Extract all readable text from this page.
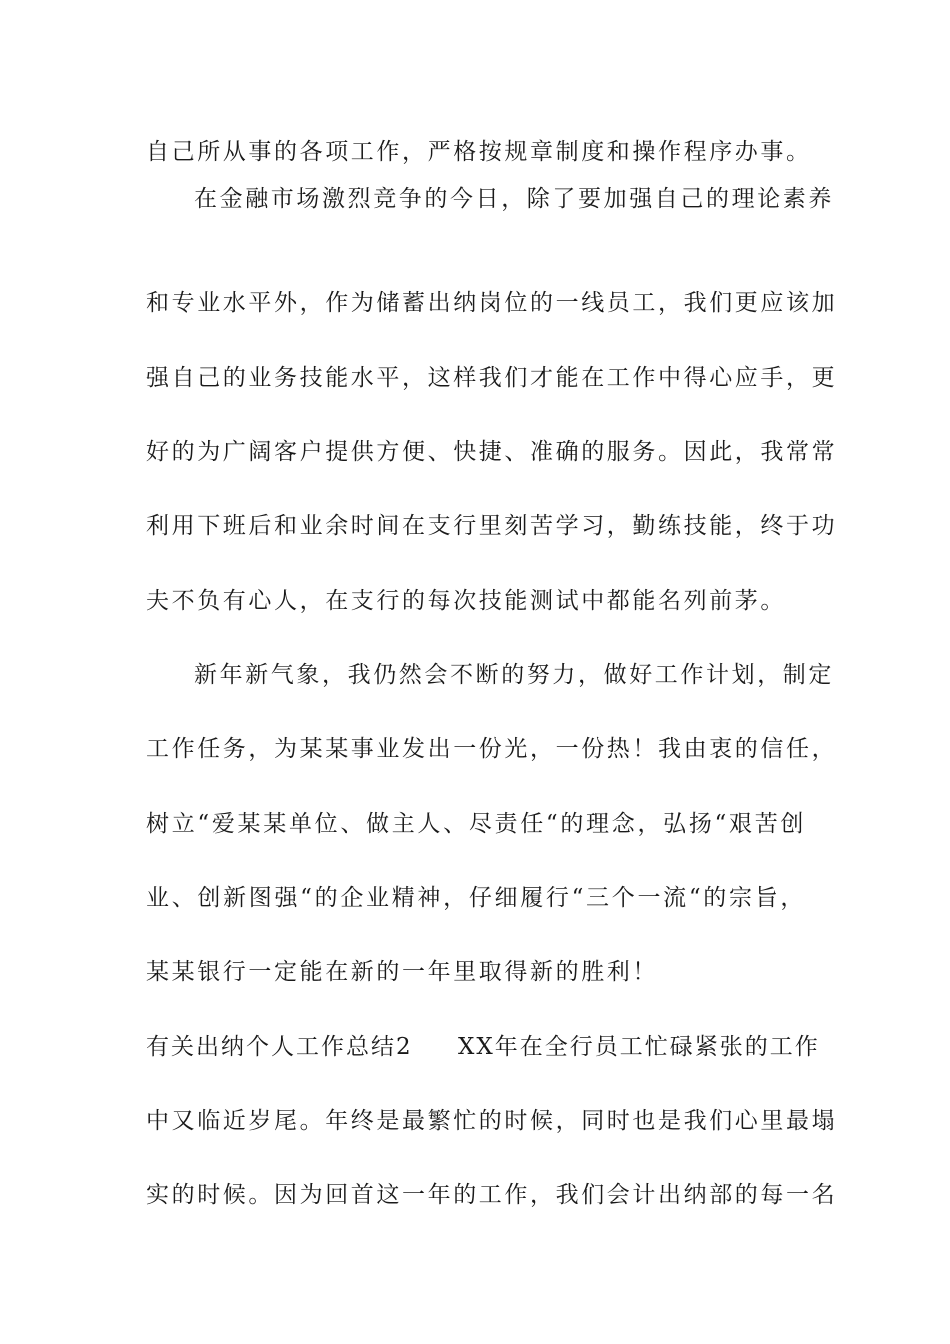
自己所从事的各项工作，严格按规章制度和操作程序办事。
在金融市场激烈竞争的今日，除了要加强自己的理论素养
和专业水平外，作为储蓄出纳岗位的一线员工，我们更应该加
强自己的业务技能水平，这样我们才能在工作中得心应手，更
好的为广阔客户提供方便、快捷、准确的服务。因此，我常常
利用下班后和业余时间在支行里刻苦学习，勤练技能，终于功
夫不负有心人，在支行的每次技能测试中都能名列前茅。
新年新气象，我仍然会不断的努力，做好工作计划，制定
工作任务，为某某事业发出一份光，一份热！我由衷的信任，
树立“爱某某单位、做主人、尽责任“的理念，弘扬“艰苦创
业、创新图强“的企业精神，仔细履行“三个一流“的宗旨，
某某银行一定能在新的一年里取得新的胜利！
有关出纳个人工作总结2 XX年在全行员工忙碌紧张的工作
中又临近岁尾。年终是最繁忙的时候，同时也是我们心里最塌
实的时候。因为回首这一年的工作，我们会计出纳部的每一名
